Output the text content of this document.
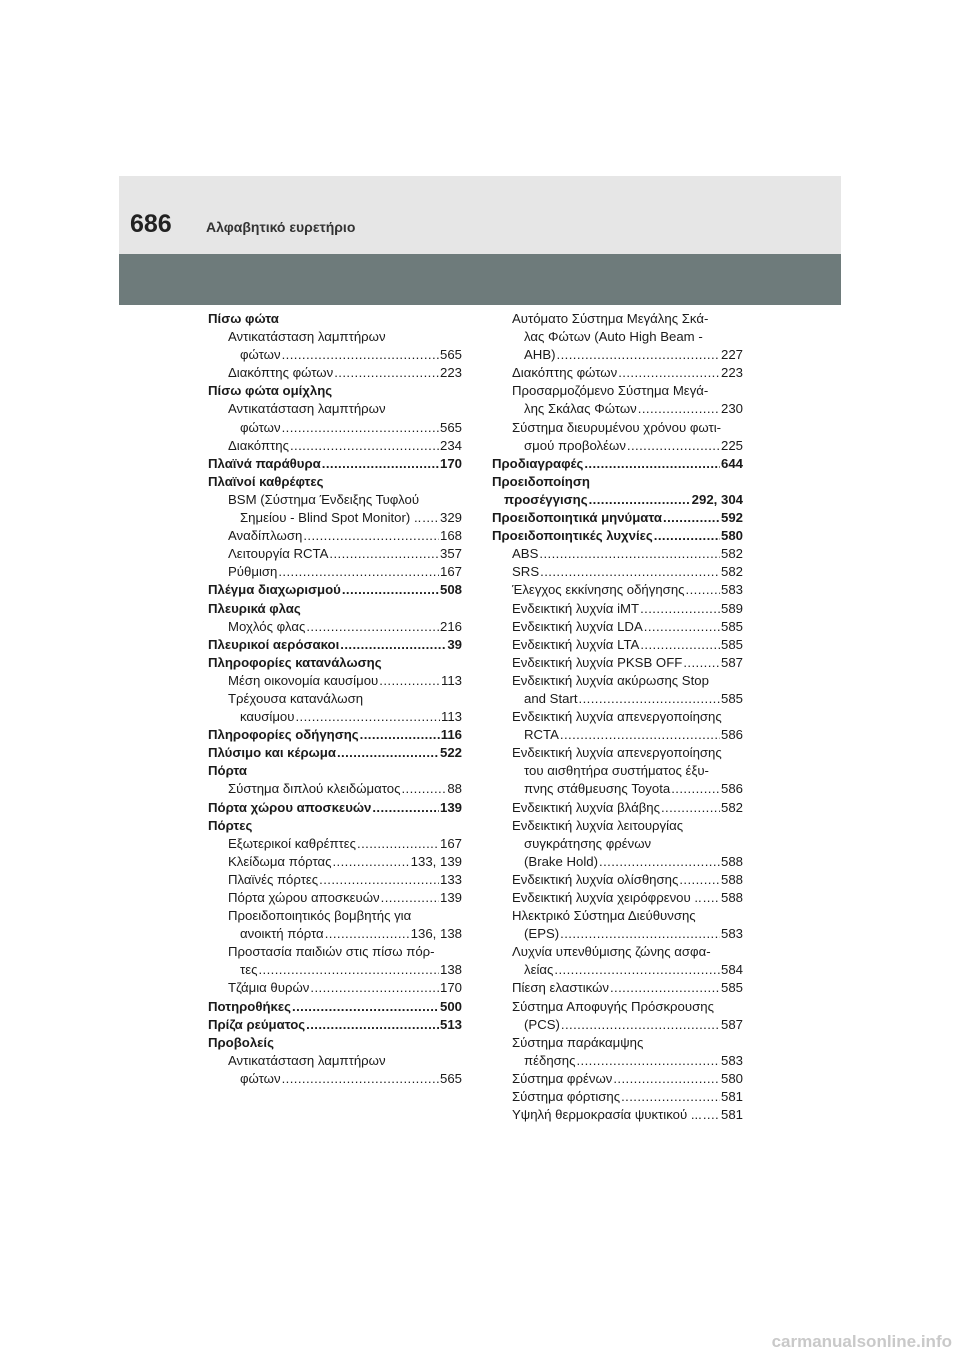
686 Αλφαβητικό ευρετήριο
Πίσω φώτα
Αντικατάσταση λαμπτήρων
φώτων .....	565
Διακόπτης φώτων .....	223
Πίσω φώτα ομίχλης
Αντικατάσταση λαμπτήρων
φώτων .....	565
Διακόπτης .....	234
Πλαϊνά παράθυρα .....	170
Πλαϊνοί καθρέφτες
BSM (Σύστημα Ένδειξης Τυφλού
Σημείου - Blind Spot Monitor) .. ..... 329
Αναδίπλωση .....	168
Λειτουργία RCTA .....	357
Ρύθμιση .....	167
Πλέγμα διαχωρισμού .....	508
Πλευρικά φλας
Μοχλός φλας .....	216
Πλευρικοί αερόσακοι .....	39
Πληροφορίες κατανάλωσης
Μέση οικονομία καυσίμου .....	113
Τρέχουσα κατανάλωση
καυσίμου .....	113
Πληροφορίες οδήγησης .....	116
Πλύσιμο και κέρωμα .....	522
Πόρτα
Σύστημα διπλού κλειδώματος .....	88
Πόρτα χώρου αποσκευών .....	139
Πόρτες
Εξωτερικοί καθρέπτες .....	167
Κλείδωμα πόρτας .....	133, 139
Πλαϊνές πόρτες .....	133
Πόρτα χώρου αποσκευών .....	139
Προειδοποιητικός βομβητής για
ανοικτή πόρτα .....	136, 138
Προστασία παιδιών στις πίσω πόρ-
τες .....	138
Τζάμια θυρών .....	170
Ποτηροθήκες .....	500
Πρίζα ρεύματος .....	513
Προβολείς
Αντικατάσταση λαμπτήρων
φώτων .....	565
Αυτόματο Σύστημα Μεγάλης Σκά-
λας Φώτων (Auto High Beam -
AHB) .....	227
Διακόπτης φώτων .....	223
Προσαρμοζόμενο Σύστημα Μεγά-
λης Σκάλας Φώτων .....	230
Σύστημα διευρυμένου χρόνου φωτι-
σμού προβολέων .....	225
Προδιαγραφές .....	644
Προειδοποίηση
προσέγγισης .....	292, 304
Προειδοποιητικά μηνύματα .....	592
Προειδοποιητικές λυχνίες .....	580
ABS .....	582
SRS .....	582
Έλεγχος εκκίνησης οδήγησης .....	583
Ενδεικτική λυχνία iMT .....	589
Ενδεικτική λυχνία LDA .....	585
Ενδεικτική λυχνία LTA .....	585
Ενδεικτική λυχνία PKSB OFF .....	587
Ενδεικτική λυχνία ακύρωσης Stop
and Start .....	585
Ενδεικτική λυχνία απενεργοποίησης
RCTA .....	586
Ενδεικτική λυχνία απενεργοποίησης
του αισθητήρα συστήματος έξυ-
πνης στάθμευσης Toyota .....	586
Ενδεικτική λυχνία βλάβης .....	582
Ενδεικτική λυχνία λειτουργίας
συγκράτησης φρένων
(Brake Hold) .....	588
Ενδεικτική λυχνία ολίσθησης .....	588
Ενδεικτική λυχνία χειρόφρενου .. ..... 588
Ηλεκτρικό Σύστημα Διεύθυνσης
(EPS) .....	583
Λυχνία υπενθύμισης ζώνης ασφα-
λείας .....	584
Πίεση ελαστικών .....	585
Σύστημα Αποφυγής Πρόσκρουσης
(PCS) .....	587
Σύστημα παράκαμψης
πέδησης .....	583
Σύστημα φρένων .....	580
Σύστημα φόρτισης .....	581
Υψηλή θερμοκρασία ψυκτικού ... ..... 581
carmanualsonline.info
